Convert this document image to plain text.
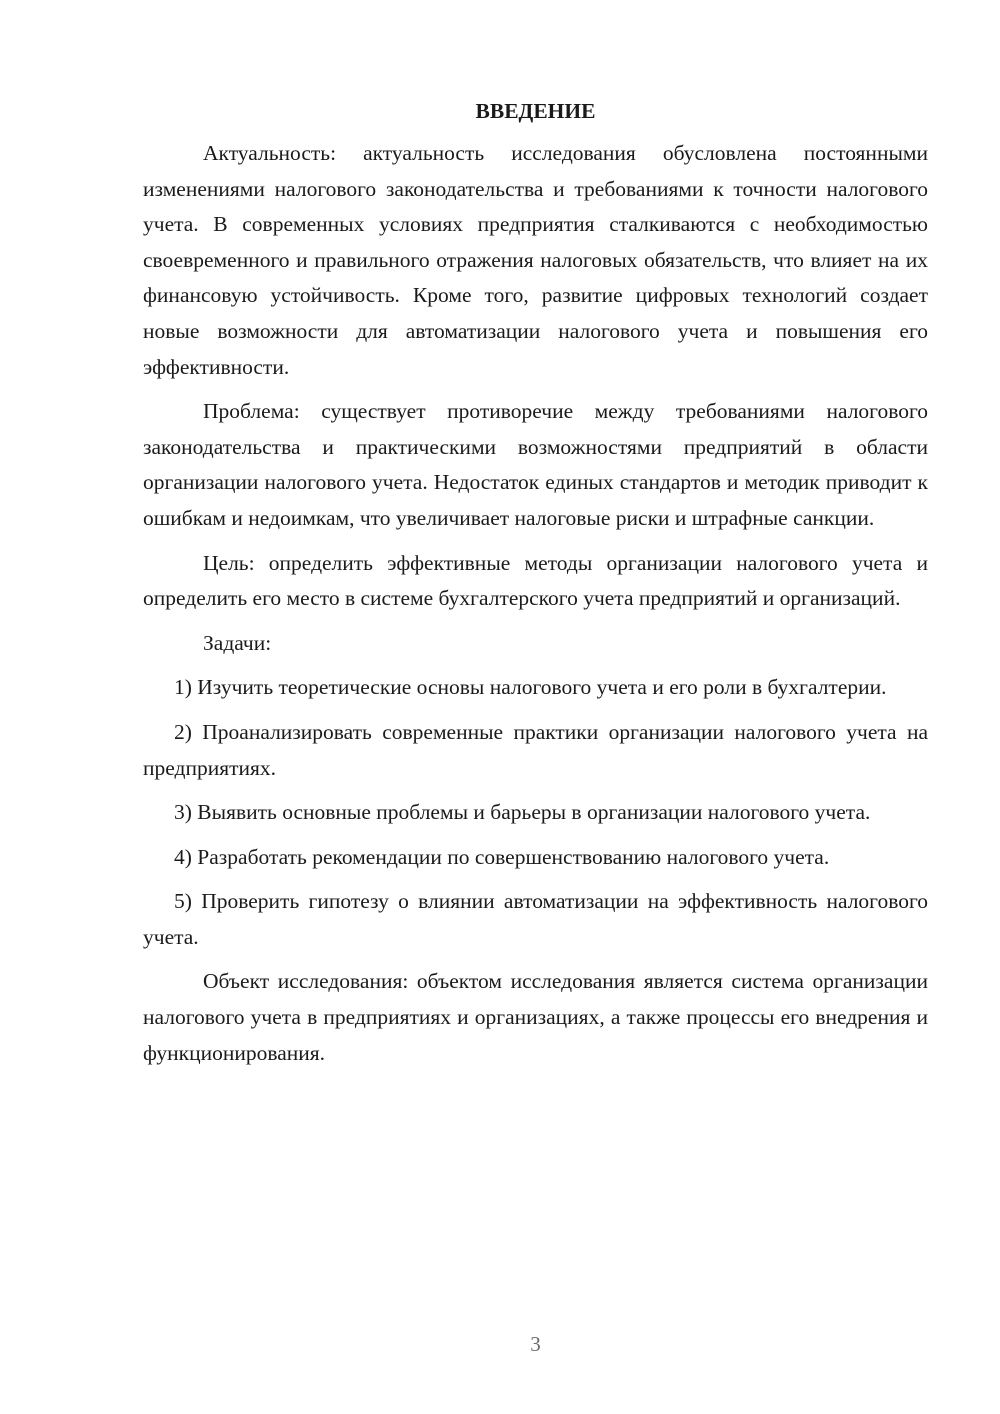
ВВЕДЕНИЕ

Актуальность: актуальность исследования обусловлена постоянными изменениями налогового законодательства и требованиями к точности налогового учета. В современных условиях предприятия сталкиваются с необходимостью своевременного и правильного отражения налоговых обязательств, что влияет на их финансовую устойчивость. Кроме того, развитие цифровых технологий создает новые возможности для автоматизации налогового учета и повышения его эффективности.

Проблема: существует противоречие между требованиями налогового законодательства и практическими возможностями предприятий в области организации налогового учета. Недостаток единых стандартов и методик приводит к ошибкам и недоимкам, что увеличивает налоговые риски и штрафные санкции.

Цель: определить эффективные методы организации налогового учета и определить его место в системе бухгалтерского учета предприятий и организаций.

Задачи:

1) Изучить теоретические основы налогового учета и его роли в бухгалтерии.

2) Проанализировать современные практики организации налогового учета на предприятиях.

3) Выявить основные проблемы и барьеры в организации налогового учета.

4) Разработать рекомендации по совершенствованию налогового учета.

5) Проверить гипотезу о влиянии автоматизации на эффективность налогового учета.

Объект исследования: объектом исследования является система организации налогового учета в предприятиях и организациях, а также процессы его внедрения и функционирования.

3
